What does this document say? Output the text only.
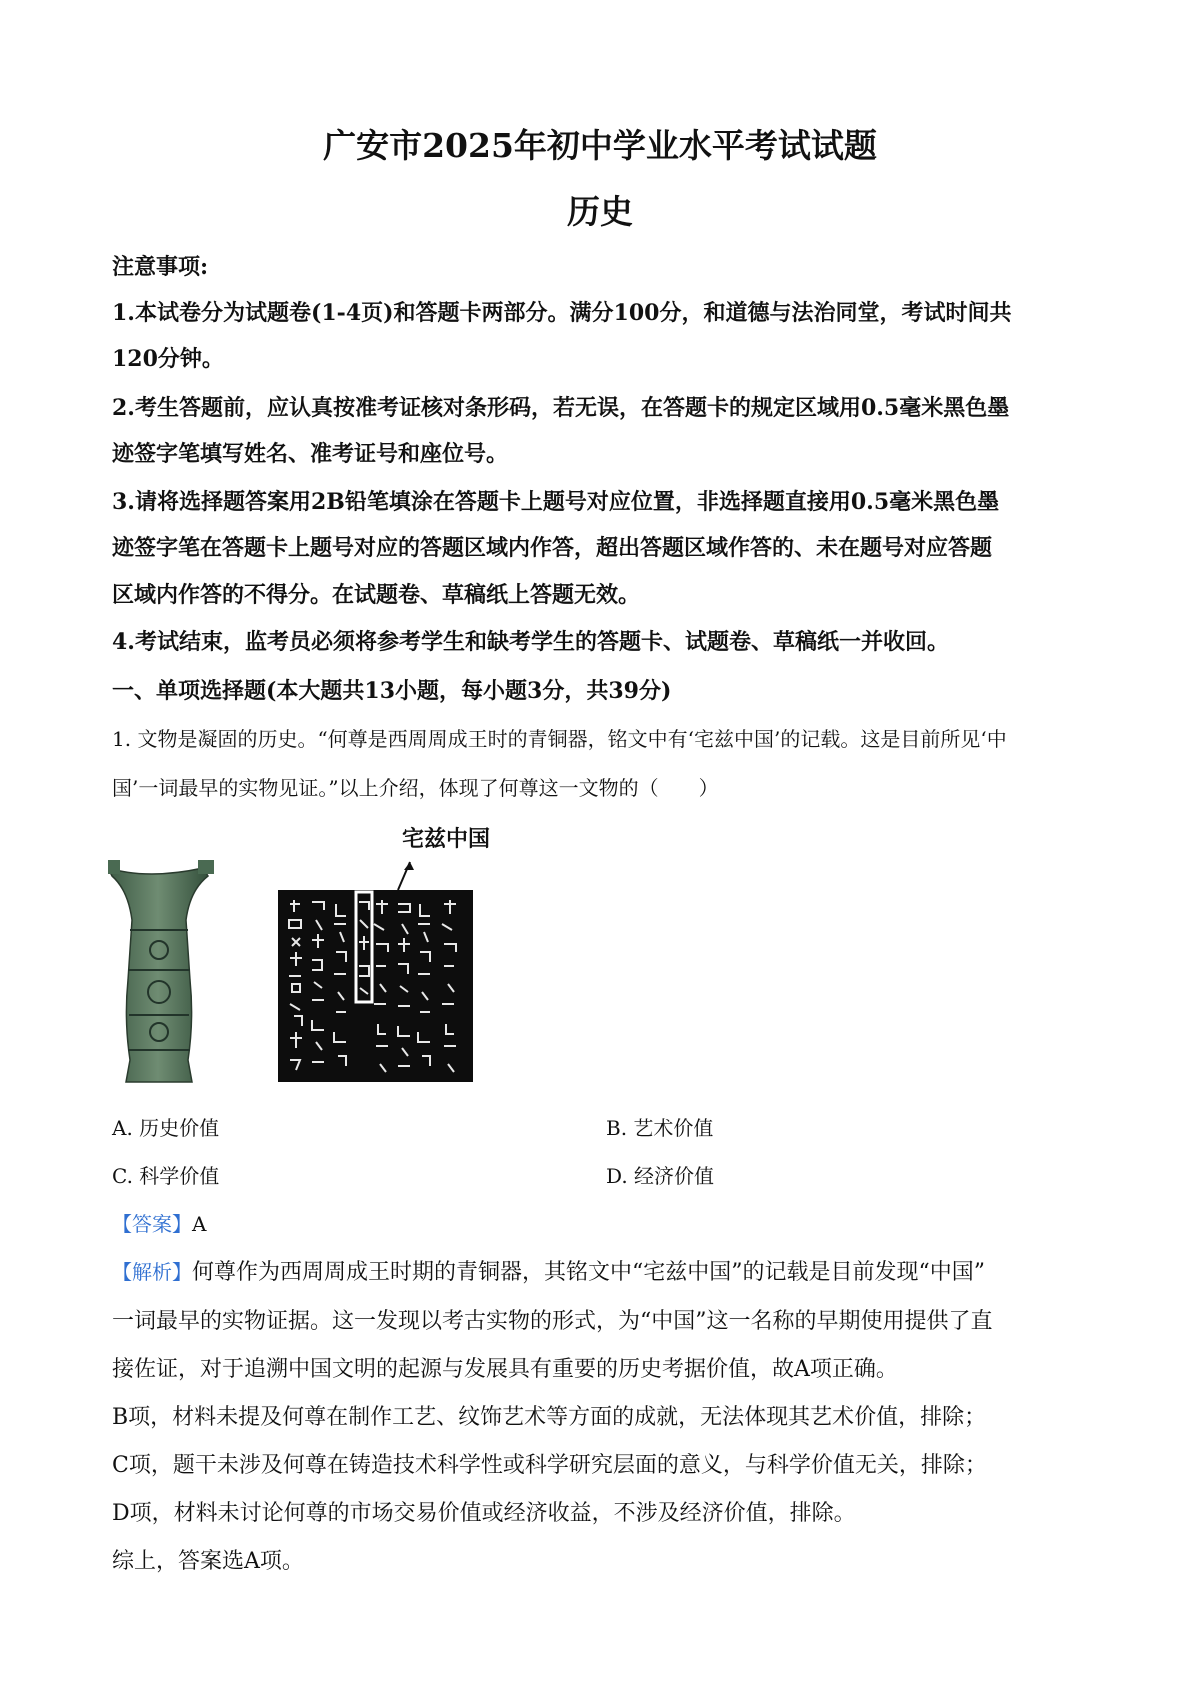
广安市2025年初中学业水平考试试题
历史
注意事项:
1.本试卷分为试题卷(1-4页)和答题卡两部分。满分100分，和道德与法治同堂，考试时间共
120分钟。
2.考生答题前，应认真按准考证核对条形码，若无误，在答题卡的规定区域用0.5毫米黑色墨
迹签字笔填写姓名、准考证号和座位号。
3.请将选择题答案用2B铅笔填涂在答题卡上题号对应位置，非选择题直接用0.5毫米黑色墨
迹签字笔在答题卡上题号对应的答题区域内作答，超出答题区域作答的、未在题号对应答题
区域内作答的不得分。在试题卷、草稿纸上答题无效。
4.考试结束，监考员必须将参考学生和缺考学生的答题卡、试题卷、草稿纸一并收回。
一、单项选择题(本大题共13小题，每小题3分，共39分)
1. 文物是凝固的历史。“何尊是西周周成王时的青铜器，铭文中有‘宅兹中国’的记载。这是目前所见‘中
国’一词最早的实物见证。”以上介绍，体现了何尊这一文物的（　　）
宅兹中国
A. 历史价值	B. 艺术价值
C. 科学价值	D. 经济价值
【答案】A
【解析】何尊作为西周周成王时期的青铜器，其铭文中“宅兹中国”的记载是目前发现“中国”
一词最早的实物证据。这一发现以考古实物的形式，为“中国”这一名称的早期使用提供了直
接佐证，对于追溯中国文明的起源与发展具有重要的历史考据价值，故A项正确。
B项，材料未提及何尊在制作工艺、纹饰艺术等方面的成就，无法体现其艺术价值，排除；
C项，题干未涉及何尊在铸造技术科学性或科学研究层面的意义，与科学价值无关，排除；
D项，材料未讨论何尊的市场交易价值或经济收益，不涉及经济价值，排除。
综上，答案选A项。
